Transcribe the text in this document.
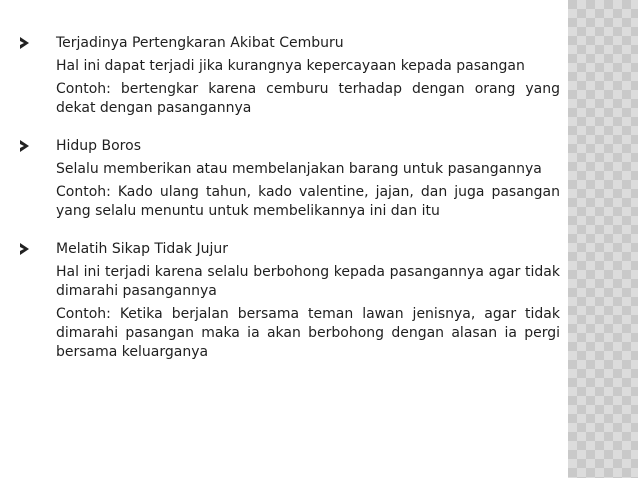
Terjadinya Pertengkaran Akibat Cemburu
Hal ini dapat terjadi jika kurangnya kepercayaan kepada pasangan
Contoh: bertengkar karena cemburu terhadap dengan orang yang dekat dengan pasangannya
Hidup Boros
Selalu memberikan atau membelanjakan barang untuk pasangannya
Contoh: Kado ulang tahun, kado valentine, jajan, dan juga pasangan yang selalu menuntu untuk membelikannya ini dan itu
Melatih Sikap Tidak Jujur
Hal ini terjadi karena selalu berbohong kepada pasangannya agar tidak dimarahi pasangannya
Contoh: Ketika berjalan bersama teman lawan jenisnya, agar tidak dimarahi pasangan maka ia akan berbohong dengan alasan ia pergi bersama keluarganya
